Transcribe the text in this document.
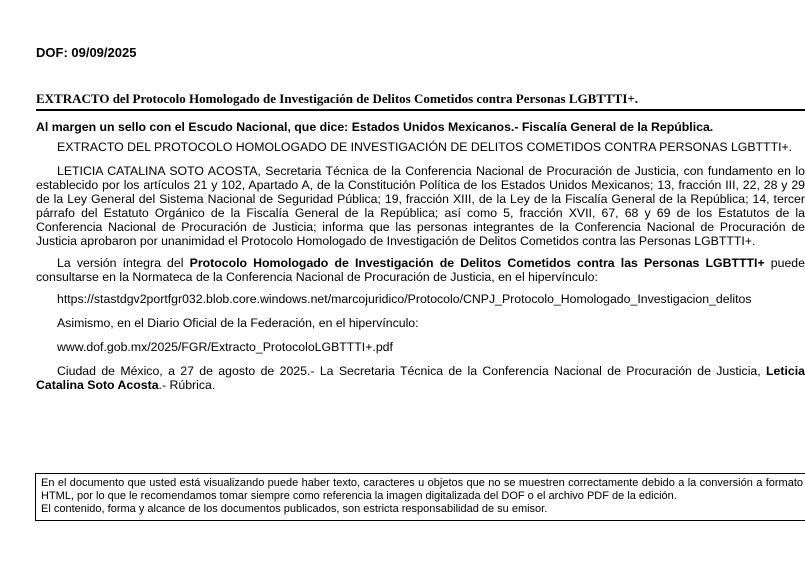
DOF: 09/09/2025
EXTRACTO del Protocolo Homologado de Investigación de Delitos Cometidos contra Personas LGBTTTI+.

Al margen un sello con el Escudo Nacional, que dice: Estados Unidos Mexicanos.- Fiscalía General de la República.

EXTRACTO DEL PROTOCOLO HOMOLOGADO DE INVESTIGACIÓN DE DELITOS COMETIDOS CONTRA PERSONAS LGBTTTI+.

LETICIA CATALINA SOTO ACOSTA, Secretaria Técnica de la Conferencia Nacional de Procuración de Justicia, con fundamento en lo establecido por los artículos 21 y 102, Apartado A, de la Constitución Política de los Estados Unidos Mexicanos; 13, fracción III, 22, 28 y 29 de la Ley General del Sistema Nacional de Seguridad Pública; 19, fracción XIII, de la Ley de la Fiscalía General de la República; 14, tercer párrafo del Estatuto Orgánico de la Fiscalía General de la República; así como 5, fracción XVII, 67, 68 y 69 de los Estatutos de la Conferencia Nacional de Procuración de Justicia; informa que las personas integrantes de la Conferencia Nacional de Procuración de Justicia aprobaron por unanimidad el Protocolo Homologado de Investigación de Delitos Cometidos contra las Personas LGBTTTI+.

La versión íntegra del Protocolo Homologado de Investigación de Delitos Cometidos contra las Personas LGBTTTI+ puede consultarse en la Normateca de la Conferencia Nacional de Procuración de Justicia, en el hipervínculo:

https://stastdgv2portfgr032.blob.core.windows.net/marcojuridico/Protocolo/CNPJ_Protocolo_Homologado_Investigacion_delitos

Asimismo, en el Diario Oficial de la Federación, en el hipervínculo:

www.dof.gob.mx/2025/FGR/Extracto_ProtocoloLGBTTTI+.pdf

Ciudad de México, a 27 de agosto de 2025.- La Secretaria Técnica de la Conferencia Nacional de Procuración de Justicia, Leticia Catalina Soto Acosta.- Rúbrica.

En el documento que usted está visualizando puede haber texto, caracteres u objetos que no se muestren correctamente debido a la conversión a formato HTML, por lo que le recomendamos tomar siempre como referencia la imagen digitalizada del DOF o el archivo PDF de la edición.

El contenido, forma y alcance de los documentos publicados, son estricta responsabilidad de su emisor.
